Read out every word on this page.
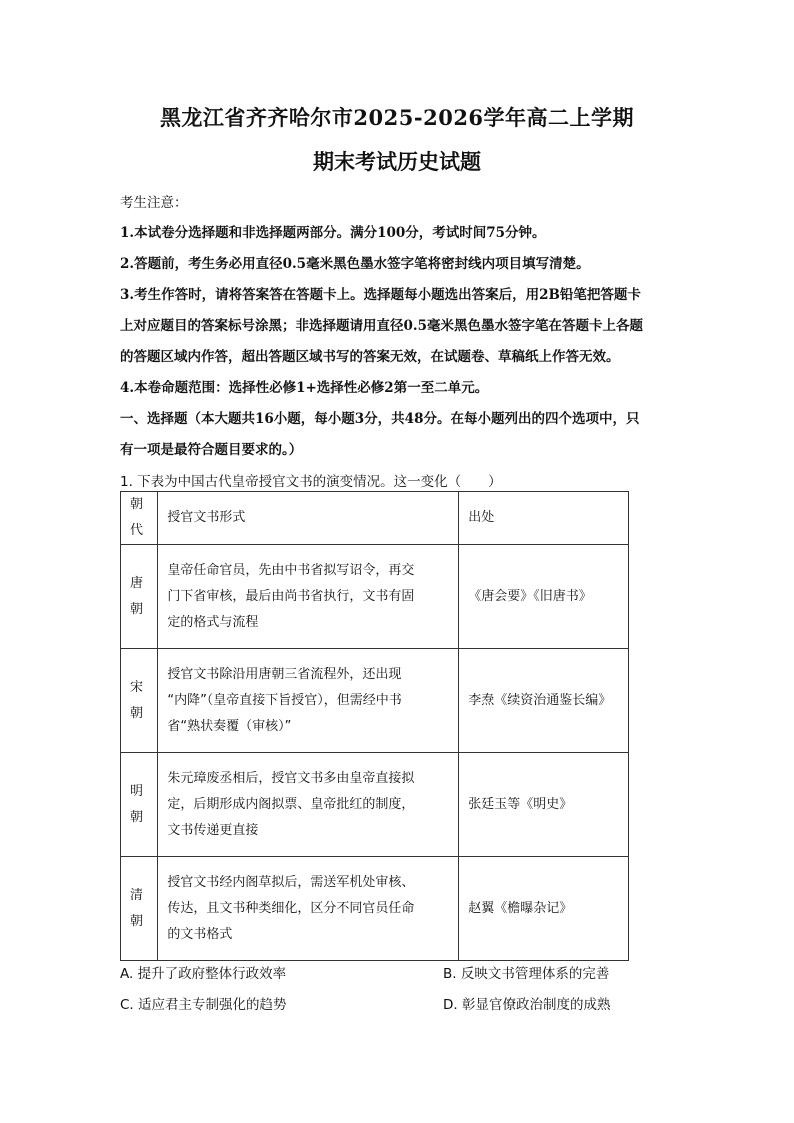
黑龙江省齐齐哈尔市2025-2026学年高二上学期
期末考试历史试题
考生注意：
1.本试卷分选择题和非选择题两部分。满分100分，考试时间75分钟。
2.答题前，考生务必用直径0.5毫米黑色墨水签字笔将密封线内项目填写清楚。
3.考生作答时，请将答案答在答题卡上。选择题每小题选出答案后，用2B铅笔把答题卡
上对应题目的答案标号涂黑；非选择题请用直径0.5毫米黑色墨水签字笔在答题卡上各题
的答题区域内作答，超出答题区域书写的答案无效，在试题卷、草稿纸上作答无效。
4.本卷命题范围：选择性必修1+选择性必修2第一至二单元。
一、选择题（本大题共16小题，每小题3分，共48分。在每小题列出的四个选项中，只
有一项是最符合题目要求的。）
1. 下表为中国古代皇帝授官文书的演变情况。这一变化（　　）
朝代	授官文书形式	出处
唐朝	皇帝任命官员，先由中书省拟写诏令，再交
门下省审核，最后由尚书省执行，文书有固
定的格式与流程	《唐会要》《旧唐书》
宋朝	授官文书除沿用唐朝三省流程外，还出现
“内降”（皇帝直接下旨授官），但需经中书
省“熟状奏覆（审核）”	李焘《续资治通鉴长编》
明朝	朱元璋废丞相后，授官文书多由皇帝直接拟
定，后期形成内阁拟票、皇帝批红的制度，
文书传递更直接	张廷玉等《明史》
清朝	授官文书经内阁草拟后，需送军机处审核、
传达，且文书种类细化，区分不同官员任命
的文书格式	赵翼《檐曝杂记》
A. 提升了政府整体行政效率	B. 反映文书管理体系的完善
C. 适应君主专制强化的趋势	D. 彰显官僚政治制度的成熟
